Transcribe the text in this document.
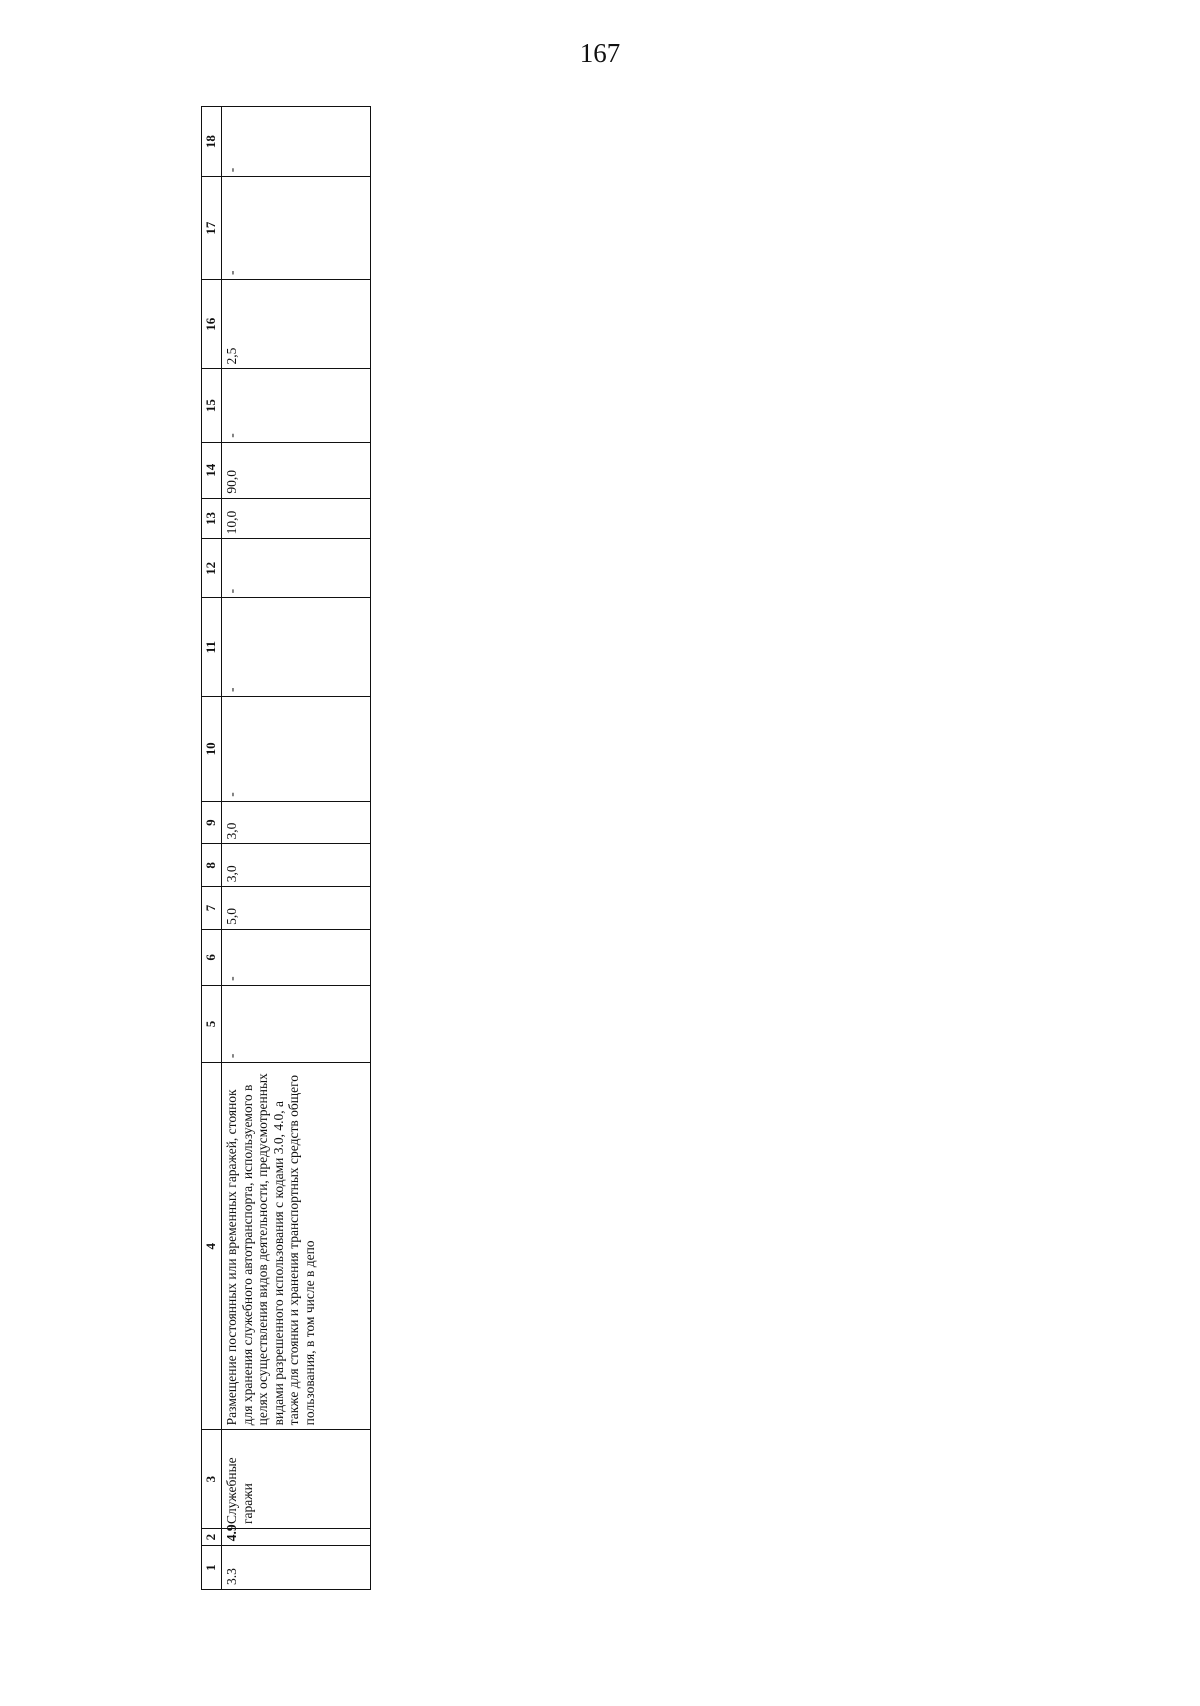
167
1	2	3	4	5	6	7	8	9	10	11	12	13	14	15	16	17	18
3.3	4.9	Служебные гаражи	Размещение постоянных или временных гаражей, стоянок для хранения служебного автотранспорта, используемого в целях осуществления видов деятельности, предусмотренных видами разрешенного использования с кодами 3.0, 4.0, а также для стоянки и хранения транспортных средств общего пользования, в том числе в депо	-	-	5,0	3,0	3,0	-	-	-	10,0	90,0	-	2,5	-	-
